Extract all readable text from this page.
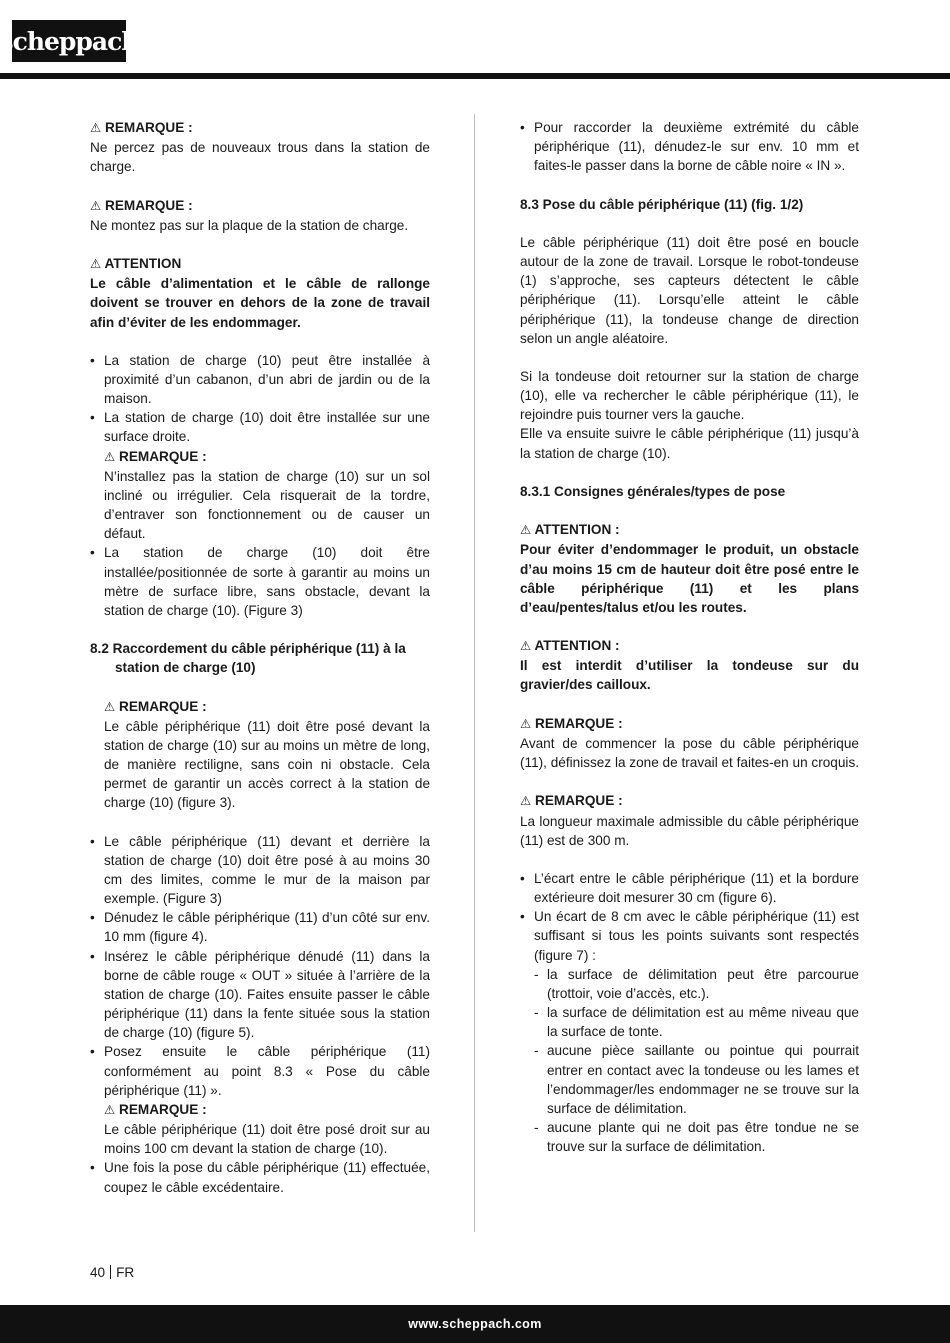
scheppach

⚠ REMARQUE :

Ne percez pas de nouveaux trous dans la station de charge.

⚠ REMARQUE :

Ne montez pas sur la plaque de la station de charge.

⚠ ATTENTION

Le câble d’alimentation et le câble de rallonge doivent se trouver en dehors de la zone de travail afin d’éviter de les endommager.

• La station de charge (10) peut être installée à proximité d’un cabanon, d’un abri de jardin ou de la maison.

• La station de charge (10) doit être installée sur une surface droite.

⚠ REMARQUE :

N’installez pas la station de charge (10) sur un sol incliné ou irrégulier. Cela risquerait de la tordre, d’entraver son fonctionnement ou de causer un défaut.

• La station de charge (10) doit être installée/positionnée de sorte à garantir au moins un mètre de surface libre, sans obstacle, devant la station de charge (10). (Figure 3)

8.2 Raccordement du câble périphérique (11) à la station de charge (10)

⚠ REMARQUE :

Le câble périphérique (11) doit être posé devant la station de charge (10) sur au moins un mètre de long, de manière rectiligne, sans coin ni obstacle. Cela permet de garantir un accès correct à la station de charge (10) (figure 3).

• Le câble périphérique (11) devant et derrière la station de charge (10) doit être posé à au moins 30 cm des limites, comme le mur de la maison par exemple. (Figure 3)

• Dénudez le câble périphérique (11) d’un côté sur env. 10 mm (figure 4).

• Insérez le câble périphérique dénudé (11) dans la borne de câble rouge « OUT » située à l’arrière de la station de charge (10). Faites ensuite passer le câble périphérique (11) dans la fente située sous la station de charge (10) (figure 5).

• Posez ensuite le câble périphérique (11) conformément au point 8.3 « Pose du câble périphérique (11) ».

⚠ REMARQUE :

Le câble périphérique (11) doit être posé droit sur au moins 100 cm devant la station de charge (10).

• Une fois la pose du câble périphérique (11) effectuée, coupez le câble excédentaire.

• Pour raccorder la deuxième extrémité du câble périphérique (11), dénudez-le sur env. 10 mm et faites-le passer dans la borne de câble noire « IN ».

8.3 Pose du câble périphérique (11) (fig. 1/2)

Le câble périphérique (11) doit être posé en boucle autour de la zone de travail. Lorsque le robot-tondeuse (1) s’approche, ses capteurs détectent le câble périphérique (11). Lorsqu’elle atteint le câble périphérique (11), la tondeuse change de direction selon un angle aléatoire.

Si la tondeuse doit retourner sur la station de charge (10), elle va rechercher le câble périphérique (11), le rejoindre puis tourner vers la gauche.

Elle va ensuite suivre le câble périphérique (11) jusqu’à la station de charge (10).

8.3.1 Consignes générales/types de pose

⚠ ATTENTION :

Pour éviter d’endommager le produit, un obstacle d’au moins 15 cm de hauteur doit être posé entre le câble périphérique (11) et les plans d’eau/pentes/talus et/ou les routes.

⚠ ATTENTION :

Il est interdit d’utiliser la tondeuse sur du gravier/des cailloux.

⚠ REMARQUE :

Avant de commencer la pose du câble périphérique (11), définissez la zone de travail et faites-en un croquis.

⚠ REMARQUE :

La longueur maximale admissible du câble périphérique (11) est de 300 m.

• L’écart entre le câble périphérique (11) et la bordure extérieure doit mesurer 30 cm (figure 6).

• Un écart de 8 cm avec le câble périphérique (11) est suffisant si tous les points suivants sont respectés (figure 7) :

- la surface de délimitation peut être parcourue (trottoir, voie d’accès, etc.).

- la surface de délimitation est au même niveau que la surface de tonte.

- aucune pièce saillante ou pointue qui pourrait entrer en contact avec la tondeuse ou les lames et l’endommager/les endommager ne se trouve sur la surface de délimitation.

- aucune plante qui ne doit pas être tondue ne se trouve sur la surface de délimitation.

40 FR
www.scheppach.com
